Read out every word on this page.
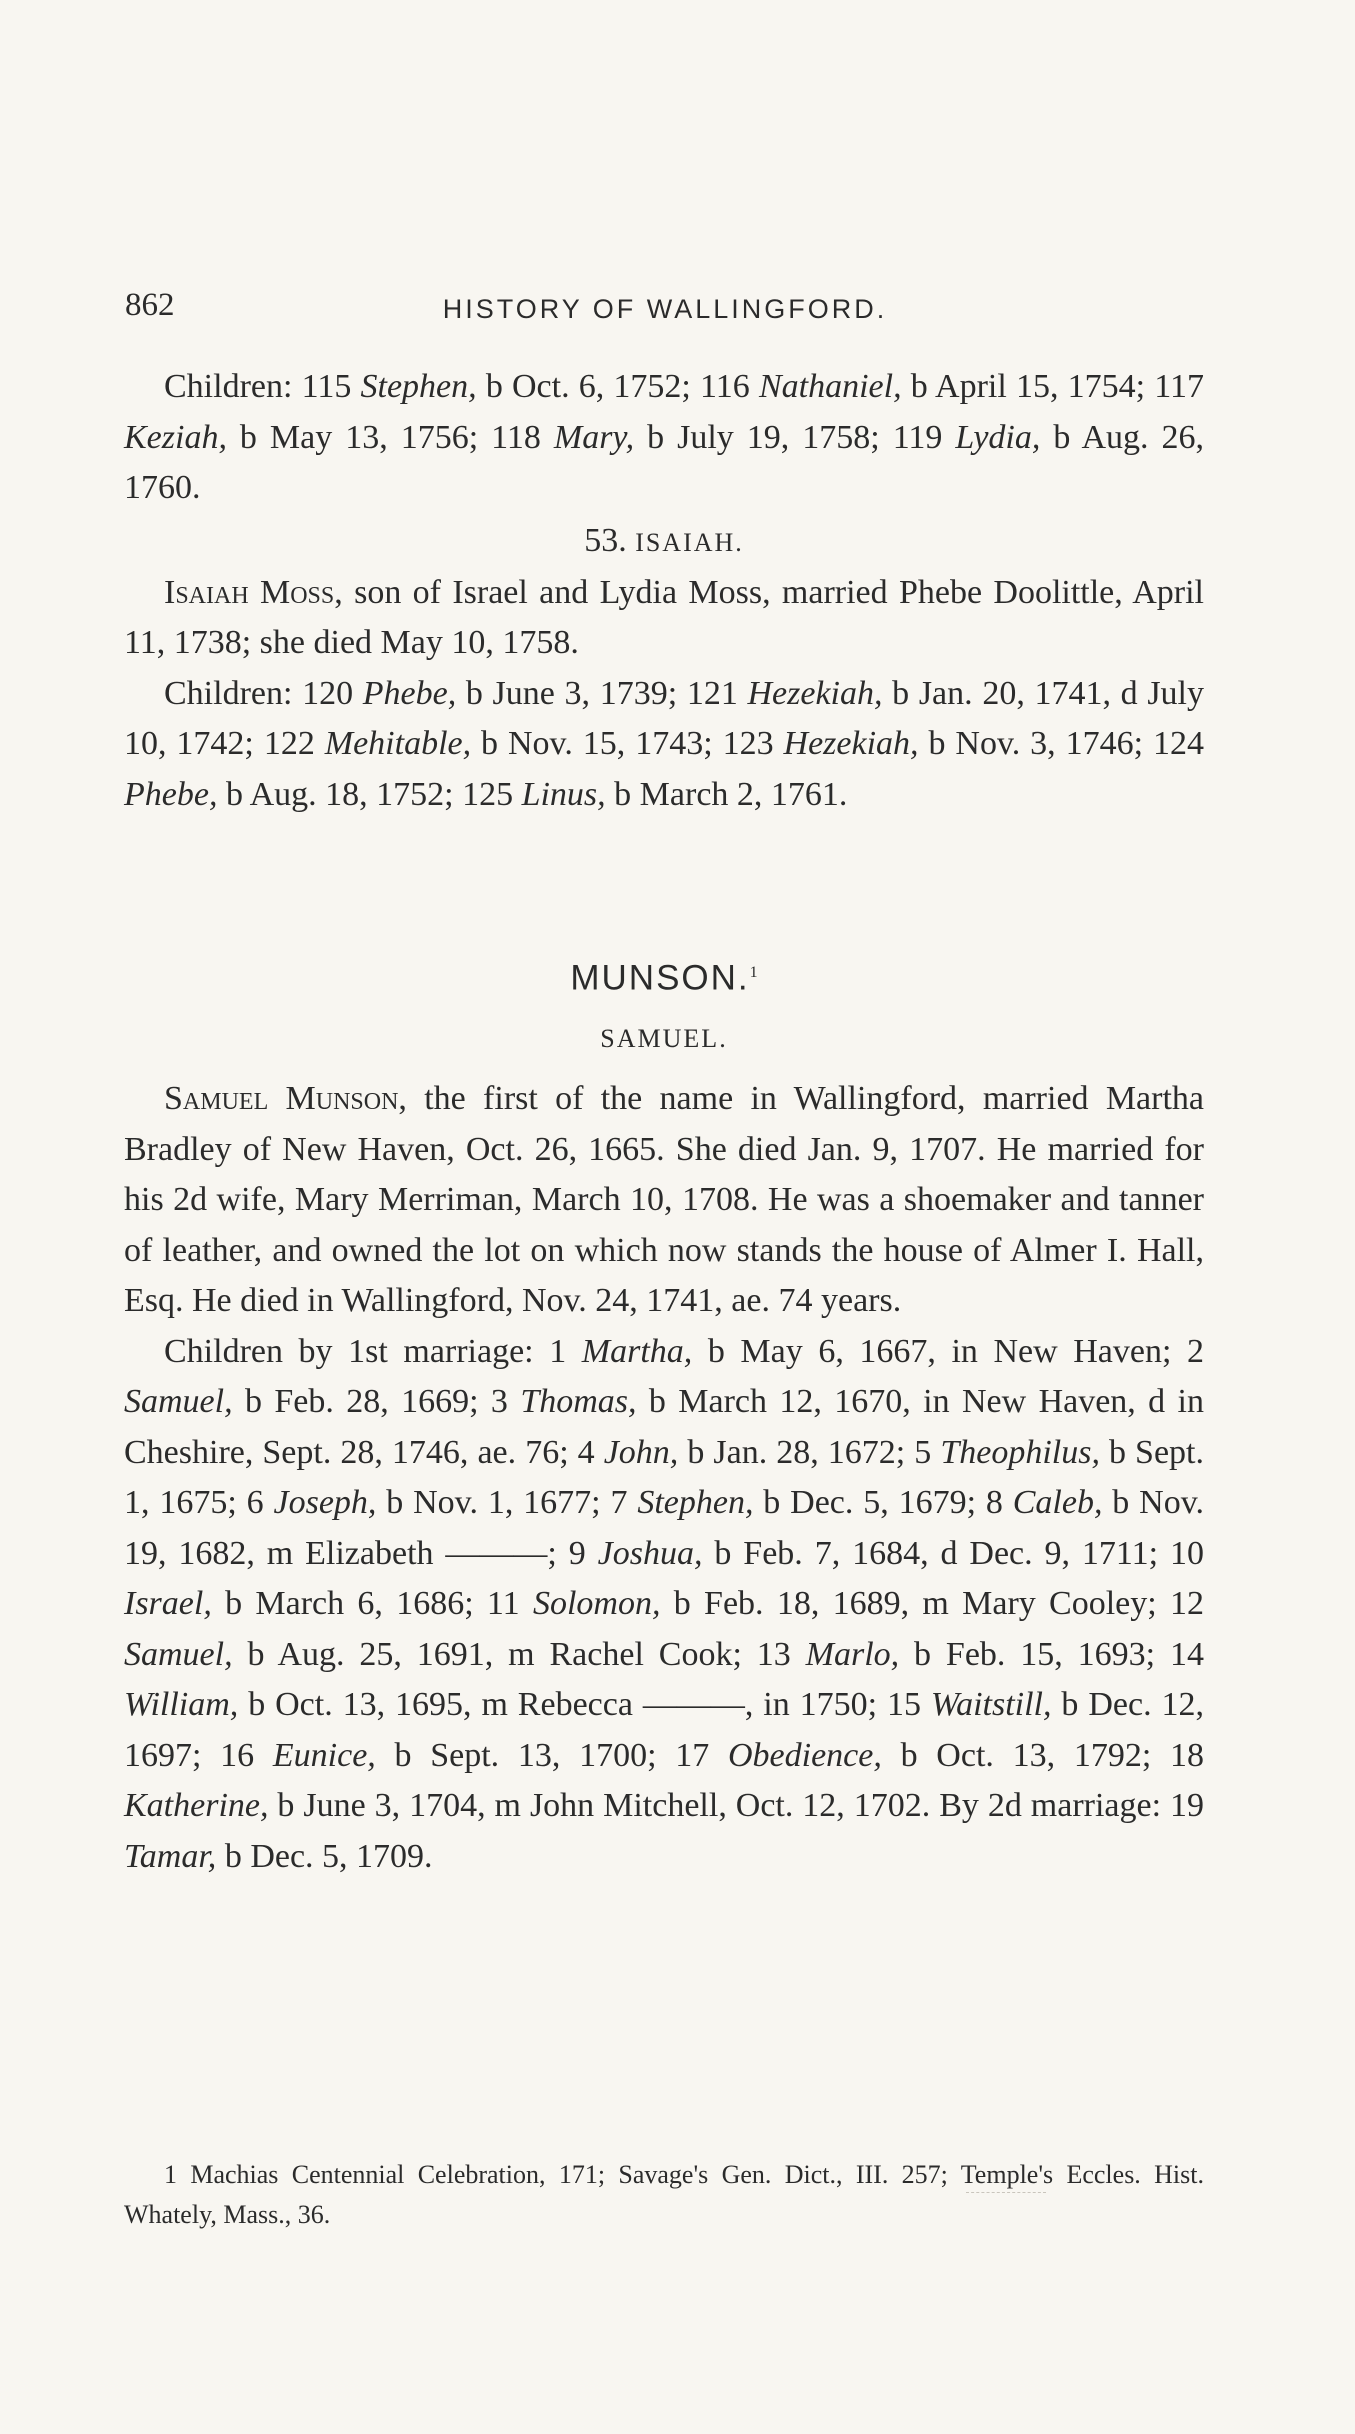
862	HISTORY OF WALLINGFORD.

Children: 115 Stephen, b Oct. 6, 1752; 116 Nathaniel, b April 15, 1754; 117 Keziah, b May 13, 1756; 118 Mary, b July 19, 1758; 119 Lydia, b Aug. 26, 1760.

53. ISAIAH.

Isaiah Moss, son of Israel and Lydia Moss, married Phebe Doolittle, April 11, 1738; she died May 10, 1758.

Children: 120 Phebe, b June 3, 1739; 121 Hezekiah, b Jan. 20, 1741, d July 10, 1742; 122 Mehitable, b Nov. 15, 1743; 123 Hezekiah, b Nov. 3, 1746; 124 Phebe, b Aug. 18, 1752; 125 Linus, b March 2, 1761.

MUNSON.$^1$

SAMUEL.

Samuel Munson, the first of the name in Wallingford, married Martha Bradley of New Haven, Oct. 26, 1665. She died Jan. 9, 1707. He married for his 2d wife, Mary Merriman, March 10, 1708. He was a shoemaker and tanner of leather, and owned the lot on which now stands the house of Almer I. Hall, Esq. He died in Wallingford, Nov. 24, 1741, ae. 74 years.

Children by 1st marriage: 1 Martha, b May 6, 1667, in New Haven; 2 Samuel, b Feb. 28, 1669; 3 Thomas, b March 12, 1670, in New Haven, d in Cheshire, Sept. 28, 1746, ae. 76; 4 John, b Jan. 28, 1672; 5 Theophilus, b Sept. 1, 1675; 6 Joseph, b Nov. 1, 1677; 7 Stephen, b Dec. 5, 1679; 8 Caleb, b Nov. 19, 1682, m Elizabeth ———; 9 Joshua, b Feb. 7, 1684, d Dec. 9, 1711; 10 Israel, b March 6, 1686; 11 Solomon, b Feb. 18, 1689, m Mary Cooley; 12 Samuel, b Aug. 25, 1691, m Rachel Cook; 13 Marlo, b Feb. 15, 1693; 14 William, b Oct. 13, 1695, m Rebecca ———, in 1750; 15 Waitstill, b Dec. 12, 1697; 16 Eunice, b Sept. 13, 1700; 17 Obedience, b Oct. 13, 1792; 18 Katherine, b June 3, 1704, m John Mitchell, Oct. 12, 1702. By 2d marriage: 19 Tamar, b Dec. 5, 1709.

1 Machias Centennial Celebration, 171; Savage's Gen. Dict., III. 257; Temple's Eccles. Hist. Whately, Mass., 36.
